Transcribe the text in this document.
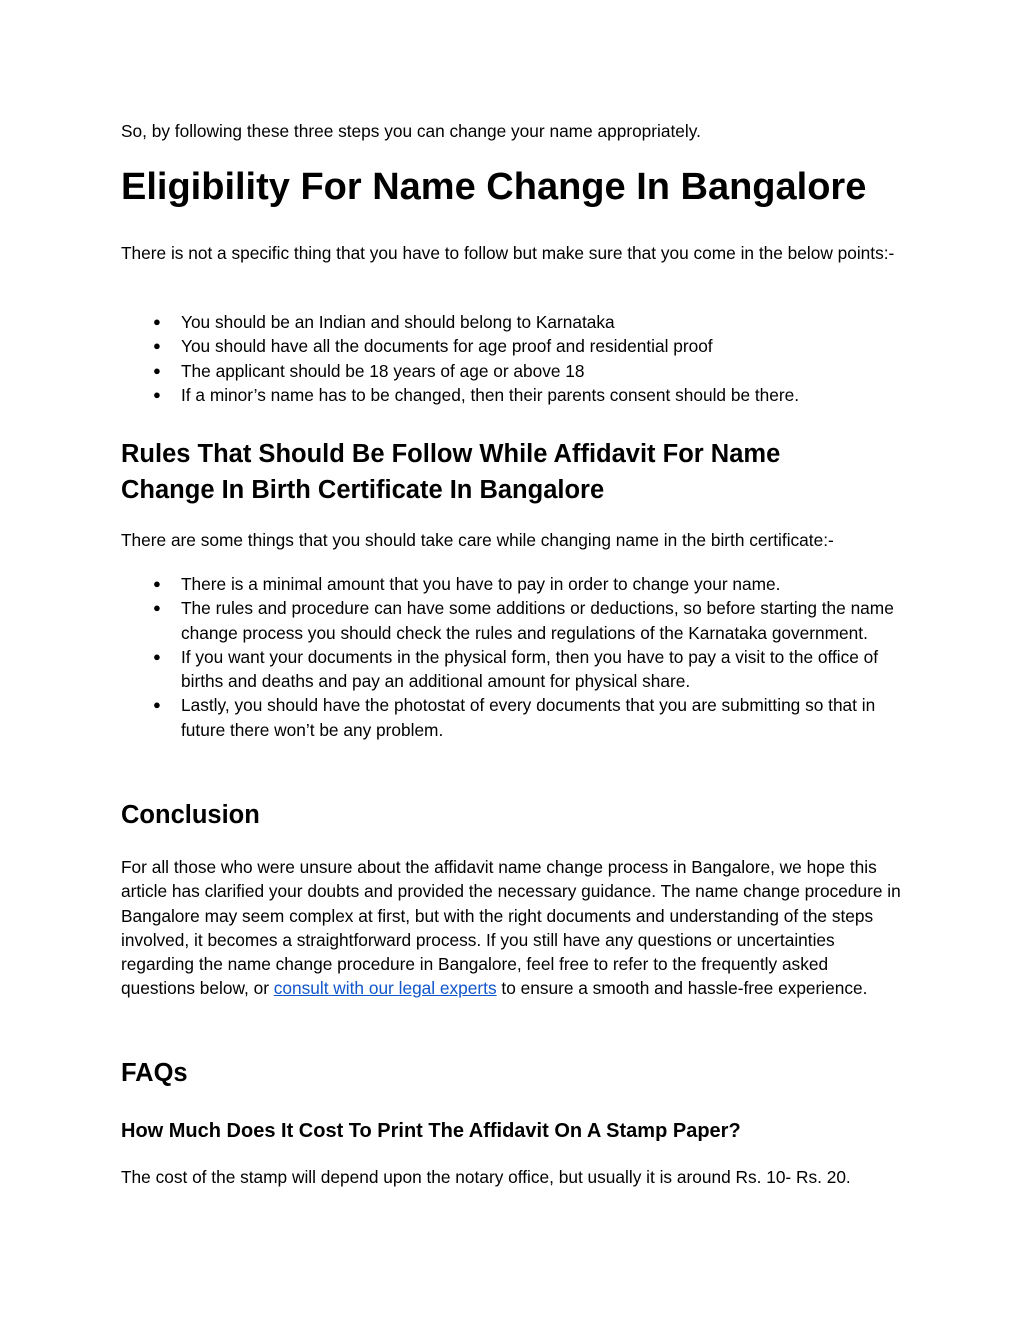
So, by following these three steps you can change your name appropriately.

Eligibility For Name Change In Bangalore

There is not a specific thing that you have to follow but make sure that you come in the below points:-

● You should be an Indian and should belong to Karnataka
● You should have all the documents for age proof and residential proof
● The applicant should be 18 years of age or above 18
● If a minor’s name has to be changed, then their parents consent should be there.
Rules That Should Be Follow While Affidavit For Name Change In Birth Certificate In Bangalore

There are some things that you should take care while changing name in the birth certificate:-

● There is a minimal amount that you have to pay in order to change your name.
● The rules and procedure can have some additions or deductions, so before starting the name change process you should check the rules and regulations of the Karnataka government.
● If you want your documents in the physical form, then you have to pay a visit to the office of births and deaths and pay an additional amount for physical share.
● Lastly, you should have the photostat of every documents that you are submitting so that in future there won’t be any problem.
Conclusion

For all those who were unsure about the affidavit name change process in Bangalore, we hope this article has clarified your doubts and provided the necessary guidance. The name change procedure in Bangalore may seem complex at first, but with the right documents and understanding of the steps involved, it becomes a straightforward process. If you still have any questions or uncertainties regarding the name change procedure in Bangalore, feel free to refer to the frequently asked questions below, or consult with our legal experts to ensure a smooth and hassle-free experience.

FAQs
How Much Does It Cost To Print The Affidavit On A Stamp Paper?

The cost of the stamp will depend upon the notary office, but usually it is around Rs. 10- Rs. 20.
